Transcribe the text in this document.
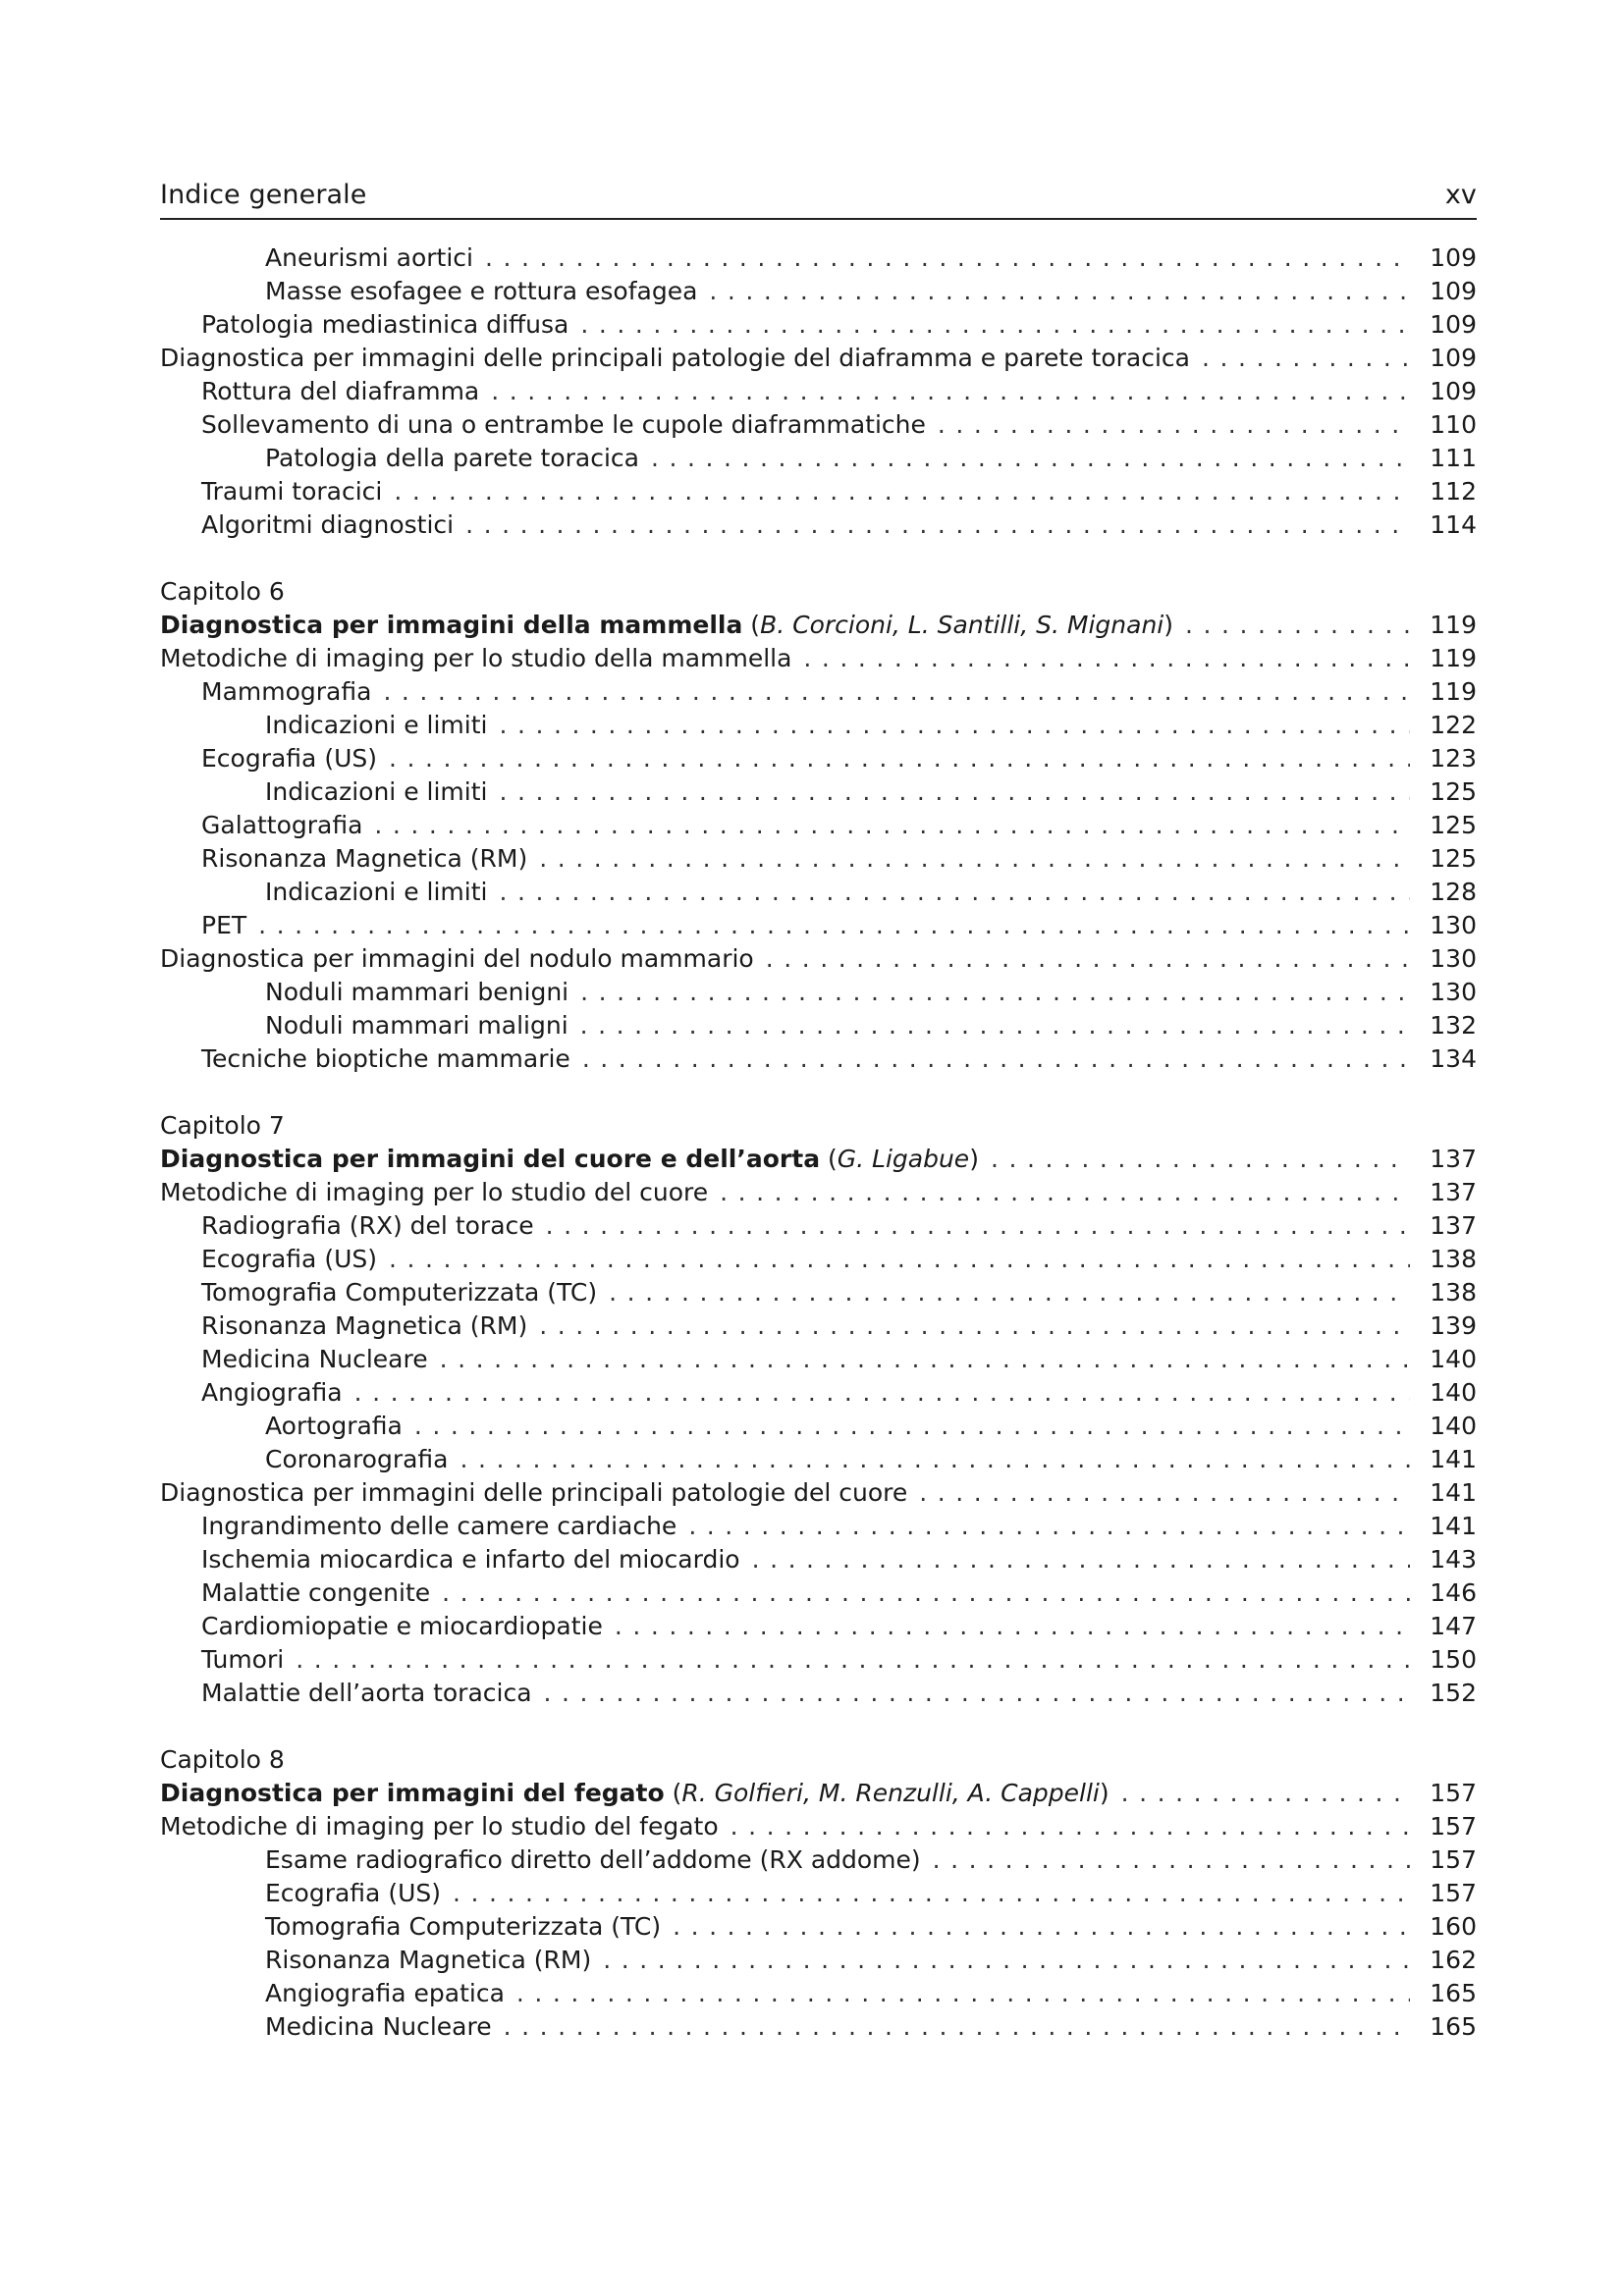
Indice generale	xv
Aneurismi aortici . . .	109
Masse esofagee e rottura esofagea . . .	109
Patologia mediastinica diffusa . . .	109
Diagnostica per immagini delle principali patologie del diaframma e parete toracica . . .	109
Rottura del diaframma . . .	109
Sollevamento di una o entrambe le cupole diaframmatiche . . .	110
Patologia della parete toracica . . .	111
Traumi toracici . . .	112
Algoritmi diagnostici . . .	114
Capitolo 6
Diagnostica per immagini della mammella (B. Corcioni, L. Santilli, S. Mignani) . . .	119
Metodiche di imaging per lo studio della mammella . . .	119
Mammografia . . .	119
Indicazioni e limiti . . .	122
Ecografia (US) . . .	123
Indicazioni e limiti . . .	125
Galattografia . . .	125
Risonanza Magnetica (RM) . . .	125
Indicazioni e limiti . . .	128
PET . . .	130
Diagnostica per immagini del nodulo mammario . . .	130
Noduli mammari benigni . . .	130
Noduli mammari maligni . . .	132
Tecniche bioptiche mammarie . . .	134
Capitolo 7
Diagnostica per immagini del cuore e dell’aorta (G. Ligabue) . . .	137
Metodiche di imaging per lo studio del cuore . . .	137
Radiografia (RX) del torace . . .	137
Ecografia (US) . . .	138
Tomografia Computerizzata (TC) . . .	138
Risonanza Magnetica (RM) . . .	139
Medicina Nucleare . . .	140
Angiografia . . .	140
Aortografia . . .	140
Coronarografia . . .	141
Diagnostica per immagini delle principali patologie del cuore . . .	141
Ingrandimento delle camere cardiache . . .	141
Ischemia miocardica e infarto del miocardio . . .	143
Malattie congenite . . .	146
Cardiomiopatie e miocardiopatie . . .	147
Tumori . . .	150
Malattie dell’aorta toracica . . .	152
Capitolo 8
Diagnostica per immagini del fegato (R. Golfieri, M. Renzulli, A. Cappelli) . . .	157
Metodiche di imaging per lo studio del fegato . . .	157
Esame radiografico diretto dell’addome (RX addome) . . .	157
Ecografia (US) . . .	157
Tomografia Computerizzata (TC) . . .	160
Risonanza Magnetica (RM) . . .	162
Angiografia epatica . . .	165
Medicina Nucleare . . .	165
